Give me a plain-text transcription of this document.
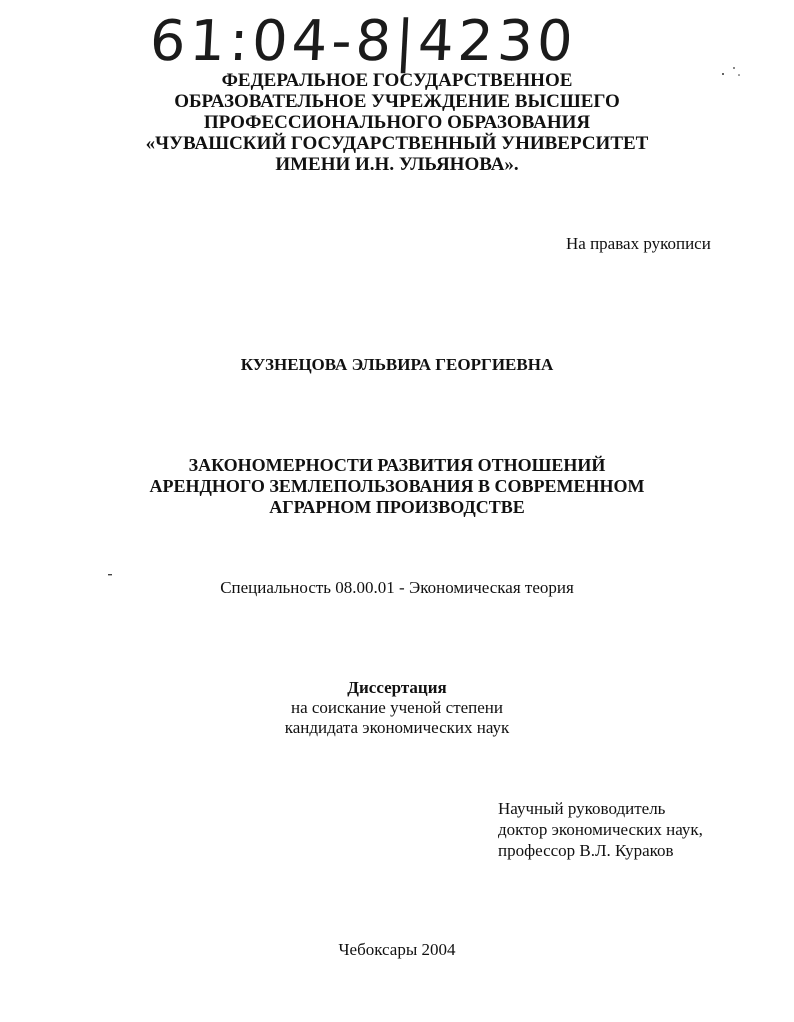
61:04-8|4230
ФЕДЕРАЛЬНОЕ ГОСУДАРСТВЕННОЕ
ОБРАЗОВАТЕЛЬНОЕ УЧРЕЖДЕНИЕ ВЫСШЕГО
ПРОФЕССИОНАЛЬНОГО ОБРАЗОВАНИЯ
«ЧУВАШСКИЙ ГОСУДАРСТВЕННЫЙ УНИВЕРСИТЕТ
ИМЕНИ И.Н. УЛЬЯНОВА».
На правах рукописи
КУЗНЕЦОВА ЭЛЬВИРА ГЕОРГИЕВНА
ЗАКОНОМЕРНОСТИ РАЗВИТИЯ ОТНОШЕНИЙ
АРЕНДНОГО ЗЕМЛЕПОЛЬЗОВАНИЯ В СОВРЕМЕННОМ
АГРАРНОМ ПРОИЗВОДСТВЕ
Специальность 08.00.01 - Экономическая теория
Диссертация
на соискание ученой степени
кандидата экономических наук
Научный руководитель
доктор экономических наук,
профессор В.Л. Кураков
Чебоксары 2004
